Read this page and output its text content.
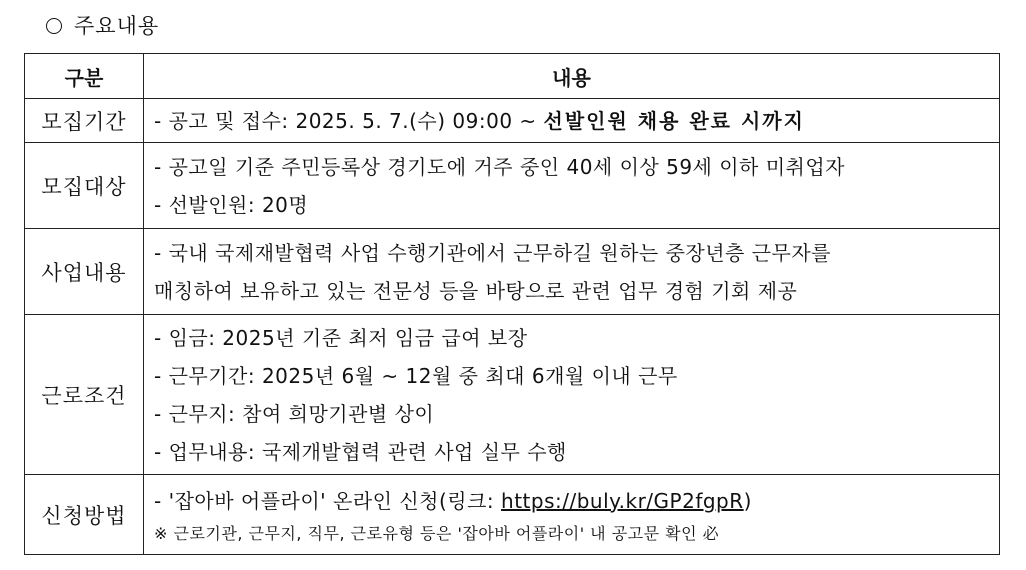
주요내용
구분	내용
모집기간	- 공고 및 접수: 2025. 5. 7.(수) 09:00 ~ 선발인원 채용 완료 시까지

모집대상	- 공고일 기준 주민등록상 경기도에 거주 중인 40세 이상 59세 이하 미취업자
- 선발인원: 20명

사업내용	- 국내 국제재발협력 사업 수행기관에서 근무하길 원하는 중장년층 근무자를
매칭하여 보유하고 있는 전문성 등을 바탕으로 관련 업무 경험 기회 제공

근로조건	- 임금: 2025년 기준 최저 임금 급여 보장
- 근무기간: 2025년 6월 ~ 12월 중 최대 6개월 이내 근무
- 근무지: 참여 희망기관별 상이
- 업무내용: 국제개발협력 관련 사업 실무 수행

신청방법	- '잡아바 어플라이' 온라인 신청(링크: https://buly.kr/GP2fgpR)
※ 근로기관, 근무지, 직무, 근로유형 등은 '잡아바 어플라이' 내 공고문 확인 必
